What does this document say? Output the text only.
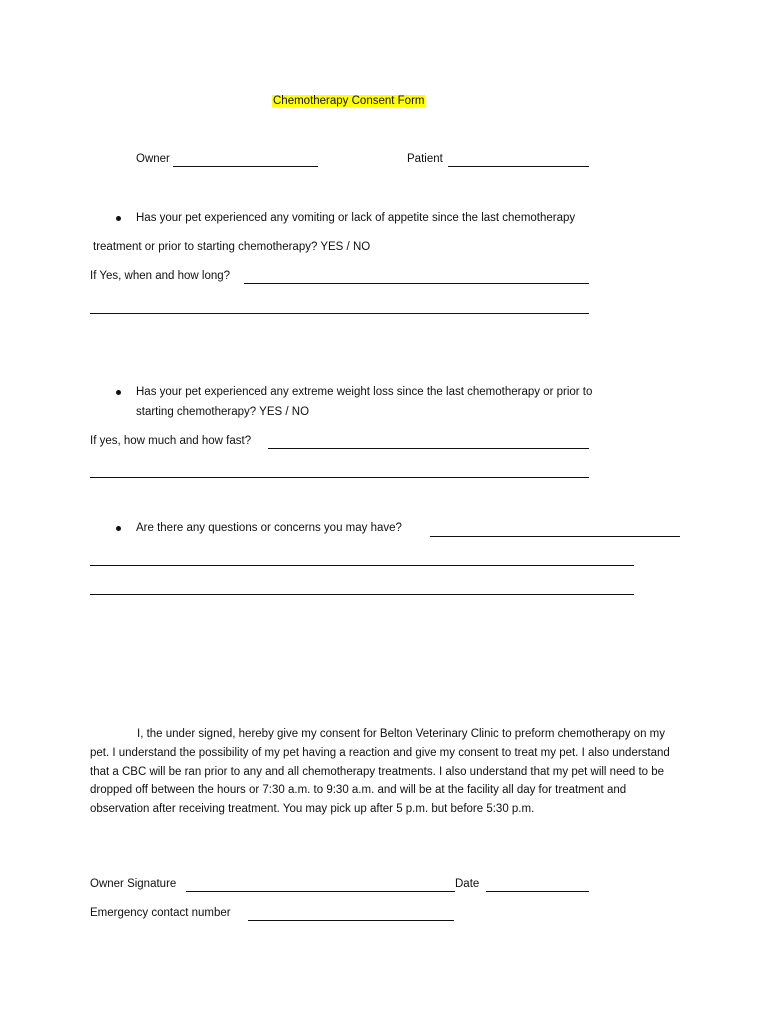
Chemotherapy Consent Form
Owner	Patient
Has your pet experienced any vomiting or lack of appetite since the last chemotherapy
treatment or prior to starting chemotherapy? YES / NO
If Yes, when and how long?
Has your pet experienced any extreme weight loss since the last chemotherapy or prior to
starting chemotherapy? YES / NO
If yes, how much and how fast?
Are there any questions or concerns you may have?

I, the under signed, hereby give my consent for Belton Veterinary Clinic to preform chemotherapy on my pet. I understand the possibility of my pet having a reaction and give my consent to treat my pet. I also understand that a CBC will be ran prior to any and all chemotherapy treatments. I also understand that my pet will need to be dropped off between the hours or 7:30 a.m. to 9:30 a.m. and will be at the facility all day for treatment and observation after receiving treatment. You may pick up after 5 p.m. but before 5:30 p.m.

Owner Signature	Date
Emergency contact number
